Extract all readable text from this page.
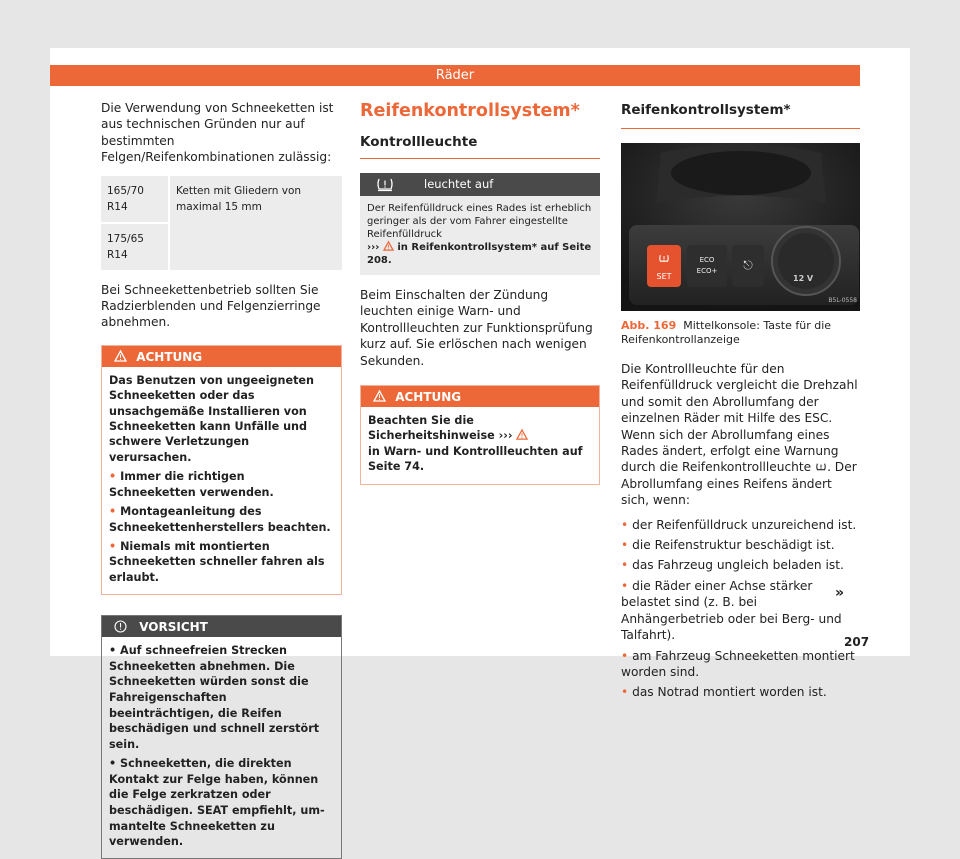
Räder

Die Verwendung von Schneeketten ist aus technischen Gründen nur auf bestimmten Felgen/Reifenkombinationen zulässig:

165/70 R14	Ketten mit Gliedern von maximal 15 mm
175/65 R14

Bei Schneekettenbetrieb sollten Sie Radzierblenden und Felgenzierringe abnehmen.

ACHTUNG
Das Benutzen von ungeeigneten Schneeketten oder das unsachgemäße Installieren von Schneeketten kann Unfälle und schwere Verletzungen verursachen.
• Immer die richtigen Schneeketten verwenden.
• Montageanleitung des Schneekettenherstellers beachten.
• Niemals mit montierten Schneeketten schneller fahren als erlaubt.
VORSICHT
• Auf schneefreien Strecken Schneeketten abnehmen. Die Schneeketten würden sonst die Fahreigenschaften beeinträchtigen, die Reifen beschädigen und schnell zerstört sein.
• Schneeketten, die direkten Kontakt zur Felge haben, können die Felge zerkratzen oder beschädigen. SEAT empfiehlt, ummantelte Schneeketten zu verwenden.
Reifenkontrollsystem*
Kontrollleuchte
leuchtet auf
Der Reifenfülldruck eines Rades ist erheblich geringer als der vom Fahrer eingestellte Reifenfülldruck
››› in Reifenkontrollsystem* auf Seite 208.

Beim Einschalten der Zündung leuchten einige Warn- und Kontrollleuchten zur Funktionsprüfung kurz auf. Sie erlöschen nach wenigen Sekunden.

ACHTUNG
Beachten Sie die Sicherheitshinweise ›››
in Warn- und Kontrollleuchten auf Seite 74.
Reifenkontrollsystem*

SET
ECO
ECO+	⎋
12 V
B5L-0558

Abb. 169 Mittelkonsole: Taste für die Reifenkontrollanzeige

Die Kontrollleuchte für den Reifenfülldruck vergleicht die Drehzahl und somit den Abrollumfang der einzelnen Räder mit Hilfe des ESC. Wenn sich der Abrollumfang eines Rades ändert, erfolgt eine Warnung durch die Reifenkontrollleuchte . Der Abrollumfang eines Reifens ändert sich, wenn:

• der Reifenfülldruck unzureichend ist.

• die Reifenstruktur beschädigt ist.

• das Fahrzeug ungleich beladen ist.

• die Räder einer Achse stärker belastet sind (z. B. bei Anhängerbetrieb oder bei Berg- und Talfahrt).

• am Fahrzeug Schneeketten montiert worden sind.

• das Notrad montiert worden ist.

»
207
